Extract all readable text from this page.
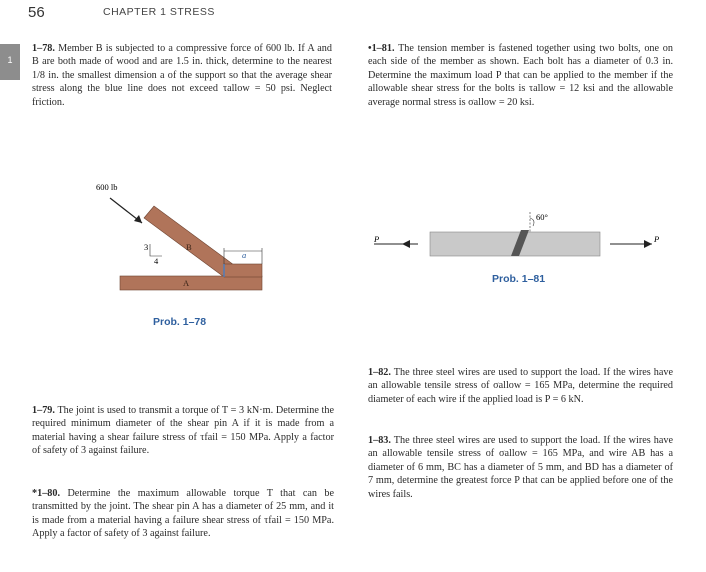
56	CHAPTER 1 STRESS
1
1–78. Member B is subjected to a compressive force of 600 lb. If A and B are both made of wood and are 1.5 in. thick, determine to the nearest 1/8 in. the smallest dimension a of the support so that the average shear stress along the blue line does not exceed τallow = 50 psi. Neglect friction.
600 lb
B
A
a
3
4
Prob. 1–78
1–79. The joint is used to transmit a torque of T = 3 kN·m. Determine the required minimum diameter of the shear pin A if it is made from a material having a shear failure stress of τfail = 150 MPa. Apply a factor of safety of 3 against failure.
*1–80. Determine the maximum allowable torque T that can be transmitted by the joint. The shear pin A has a diameter of 25 mm, and it is made from a material having a failure shear stress of τfail = 150 MPa. Apply a factor of safety of 3 against failure.
•1–81. The tension member is fastened together using two bolts, one on each side of the member as shown. Each bolt has a diameter of 0.3 in. Determine the maximum load P that can be applied to the member if the allowable shear stress for the bolts is τallow = 12 ksi and the allowable average normal stress is σallow = 20 ksi.
P	P
60°
Prob. 1–81
1–82. The three steel wires are used to support the load. If the wires have an allowable tensile stress of σallow = 165 MPa, determine the required diameter of each wire if the applied load is P = 6 kN.
1–83. The three steel wires are used to support the load. If the wires have an allowable tensile stress of σallow = 165 MPa, and wire AB has a diameter of 6 mm, BC has a diameter of 5 mm, and BD has a diameter of 7 mm, determine the greatest force P that can be applied before one of the wires fails.
